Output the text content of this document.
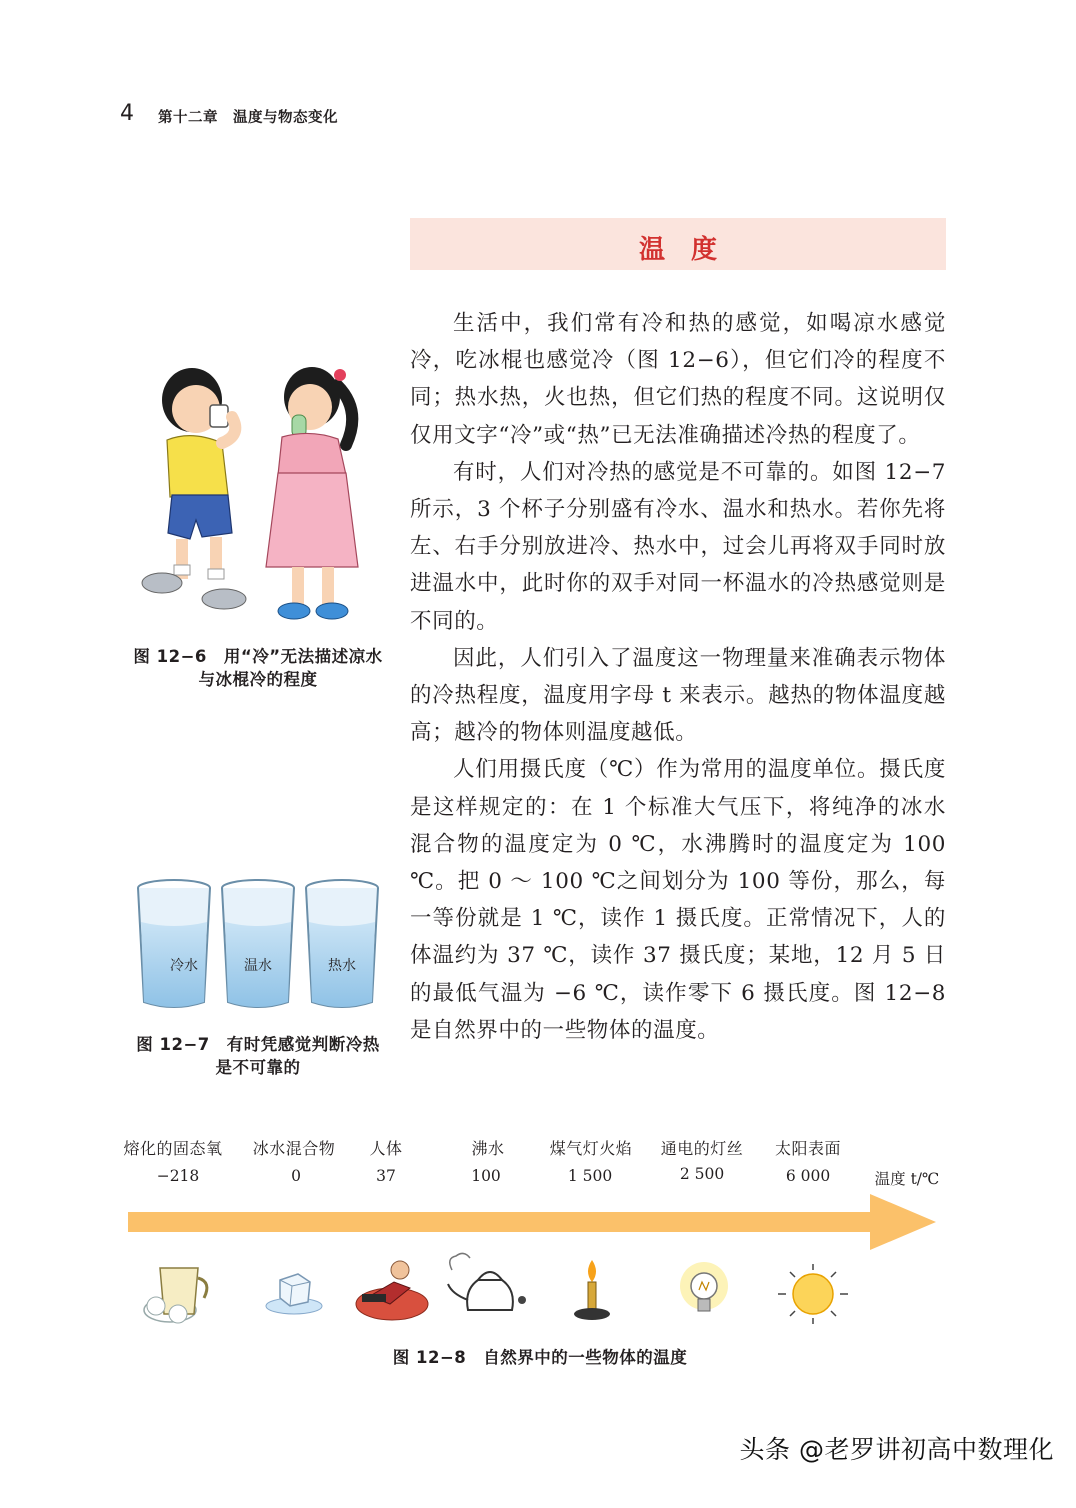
4 第十二章　温度与物态变化
温度

生活中，我们常有冷和热的感觉，如喝凉水感觉冷，吃冰棍也感觉冷（图 12−6），但它们冷的程度不同；热水热，火也热，但它们热的程度不同。这说明仅仅用文字“冷”或“热”已无法准确描述冷热的程度了。

有时，人们对冷热的感觉是不可靠的。如图 12−7 所示，3 个杯子分别盛有冷水、温水和热水。若你先将左、右手分别放进冷、热水中，过会儿再将双手同时放进温水中，此时你的双手对同一杯温水的冷热感觉则是不同的。

因此，人们引入了温度这一物理量来准确表示物体的冷热程度，温度用字母 t 来表示。越热的物体温度越高；越冷的物体则温度越低。

人们用摄氏度（℃）作为常用的温度单位。摄氏度是这样规定的：在 1 个标准大气压下，将纯净的冰水混合物的温度定为 0 ℃，水沸腾时的温度定为 100 ℃。把 0 ～ 100 ℃之间划分为 100 等份，那么，每一等份就是 1 ℃，读作 1 摄氏度。正常情况下，人的体温约为 37 ℃，读作 37 摄氏度；某地，12 月 5 日的最低气温为 −6 ℃，读作零下 6 摄氏度。图 12−8 是自然界中的一些物体的温度。

图 12−6　用“冷”无法描述凉水与冰棍冷的程度
冷水	温水	热水
图 12−7　有时凭感觉判断冷热是不可靠的
熔化的固态氧	冰水混合物	人体	沸水	煤气灯火焰	通电的灯丝	太阳表面
−218	0	37	100	1 500	2 500	6 000	温度 t/℃
图 12−8　自然界中的一些物体的温度
头条 @老罗讲初高中数理化
